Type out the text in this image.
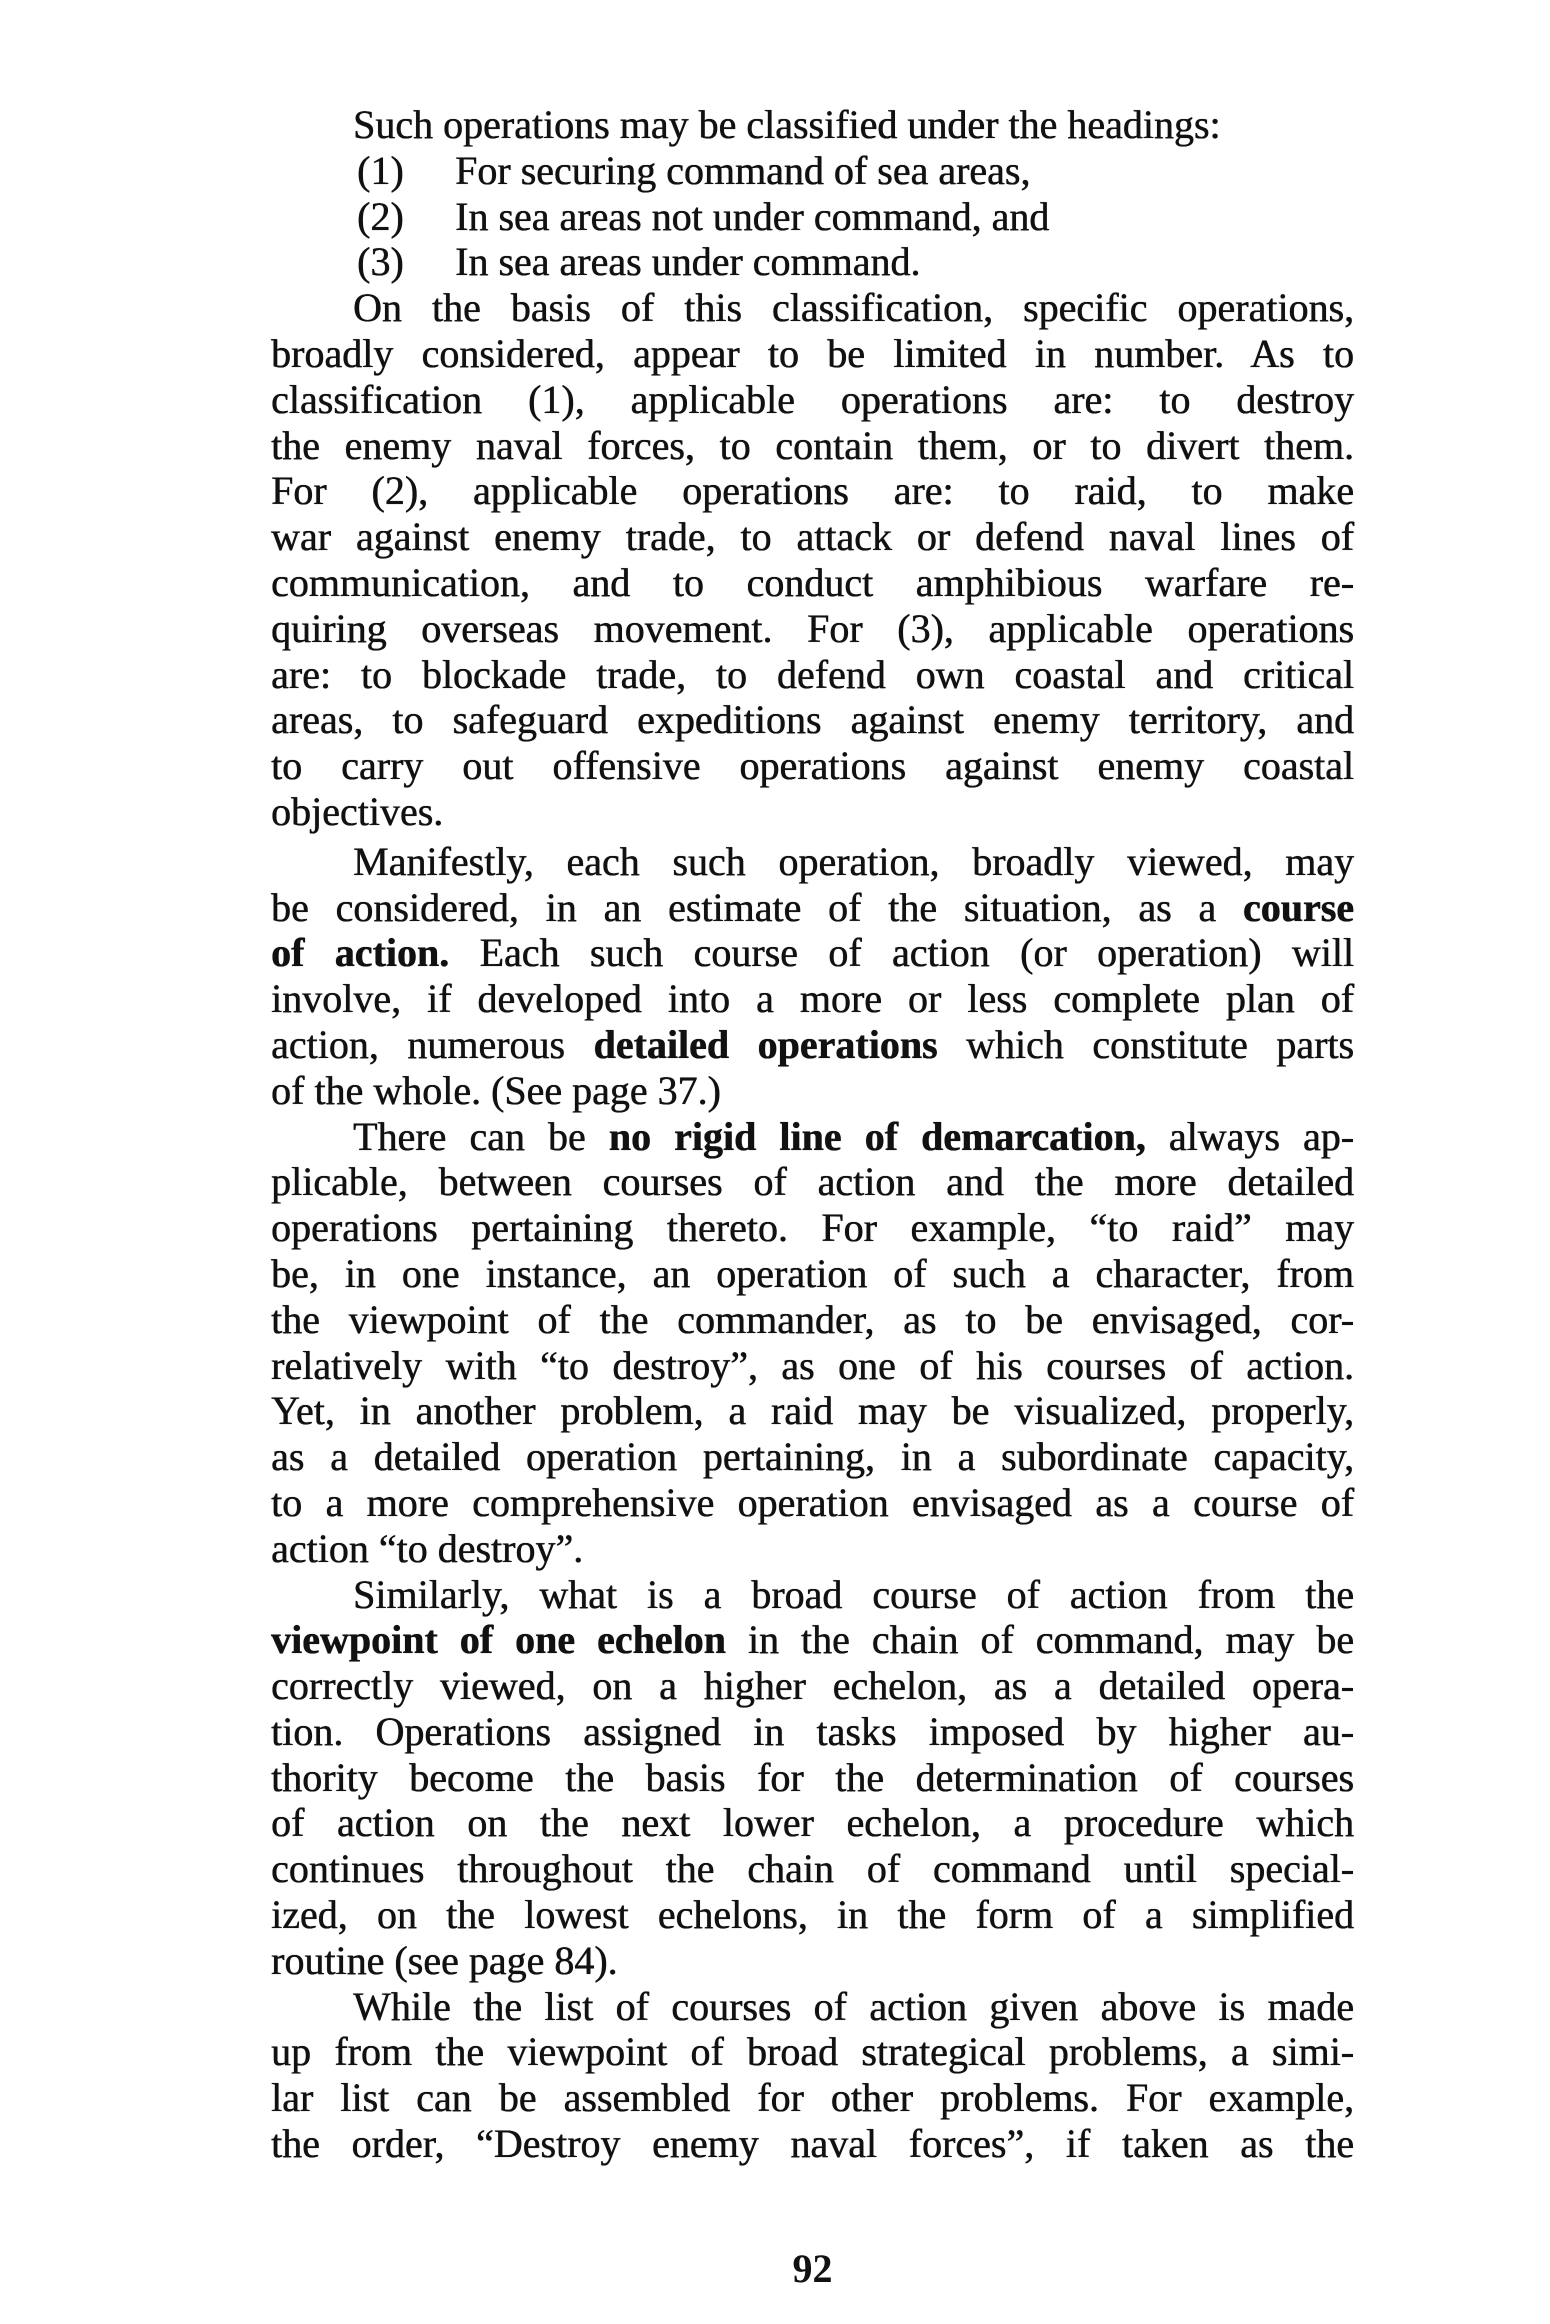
Such operations may be classified under the headings:
(1) For securing command of sea areas,
(2) In sea areas not under command, and
(3) In sea areas under command.
On the basis of this classification, specific operations,
broadly considered, appear to be limited in number. As to
classification (1), applicable operations are: to destroy
the enemy naval forces, to contain them, or to divert them.
For (2), applicable operations are: to raid, to make
war against enemy trade, to attack or defend naval lines of
communication, and to conduct amphibious warfare re-
quiring overseas movement. For (3), applicable operations
are: to blockade trade, to defend own coastal and critical
areas, to safeguard expeditions against enemy territory, and
to carry out offensive operations against enemy coastal
objectives.
Manifestly, each such operation, broadly viewed, may
be considered, in an estimate of the situation, as a course
of action. Each such course of action (or operation) will
involve, if developed into a more or less complete plan of
action, numerous detailed operations which constitute parts
of the whole. (See page 37.)
There can be no rigid line of demarcation, always ap-
plicable, between courses of action and the more detailed
operations pertaining thereto. For example, “to raid” may
be, in one instance, an operation of such a character, from
the viewpoint of the commander, as to be envisaged, cor-
relatively with “to destroy”, as one of his courses of action.
Yet, in another problem, a raid may be visualized, properly,
as a detailed operation pertaining, in a subordinate capacity,
to a more comprehensive operation envisaged as a course of
action “to destroy”.
Similarly, what is a broad course of action from the
viewpoint of one echelon in the chain of command, may be
correctly viewed, on a higher echelon, as a detailed opera-
tion. Operations assigned in tasks imposed by higher au-
thority become the basis for the determination of courses
of action on the next lower echelon, a procedure which
continues throughout the chain of command until special-
ized, on the lowest echelons, in the form of a simplified
routine (see page 84).
While the list of courses of action given above is made
up from the viewpoint of broad strategical problems, a simi-
lar list can be assembled for other problems. For example,
the order, “Destroy enemy naval forces”, if taken as the
92
